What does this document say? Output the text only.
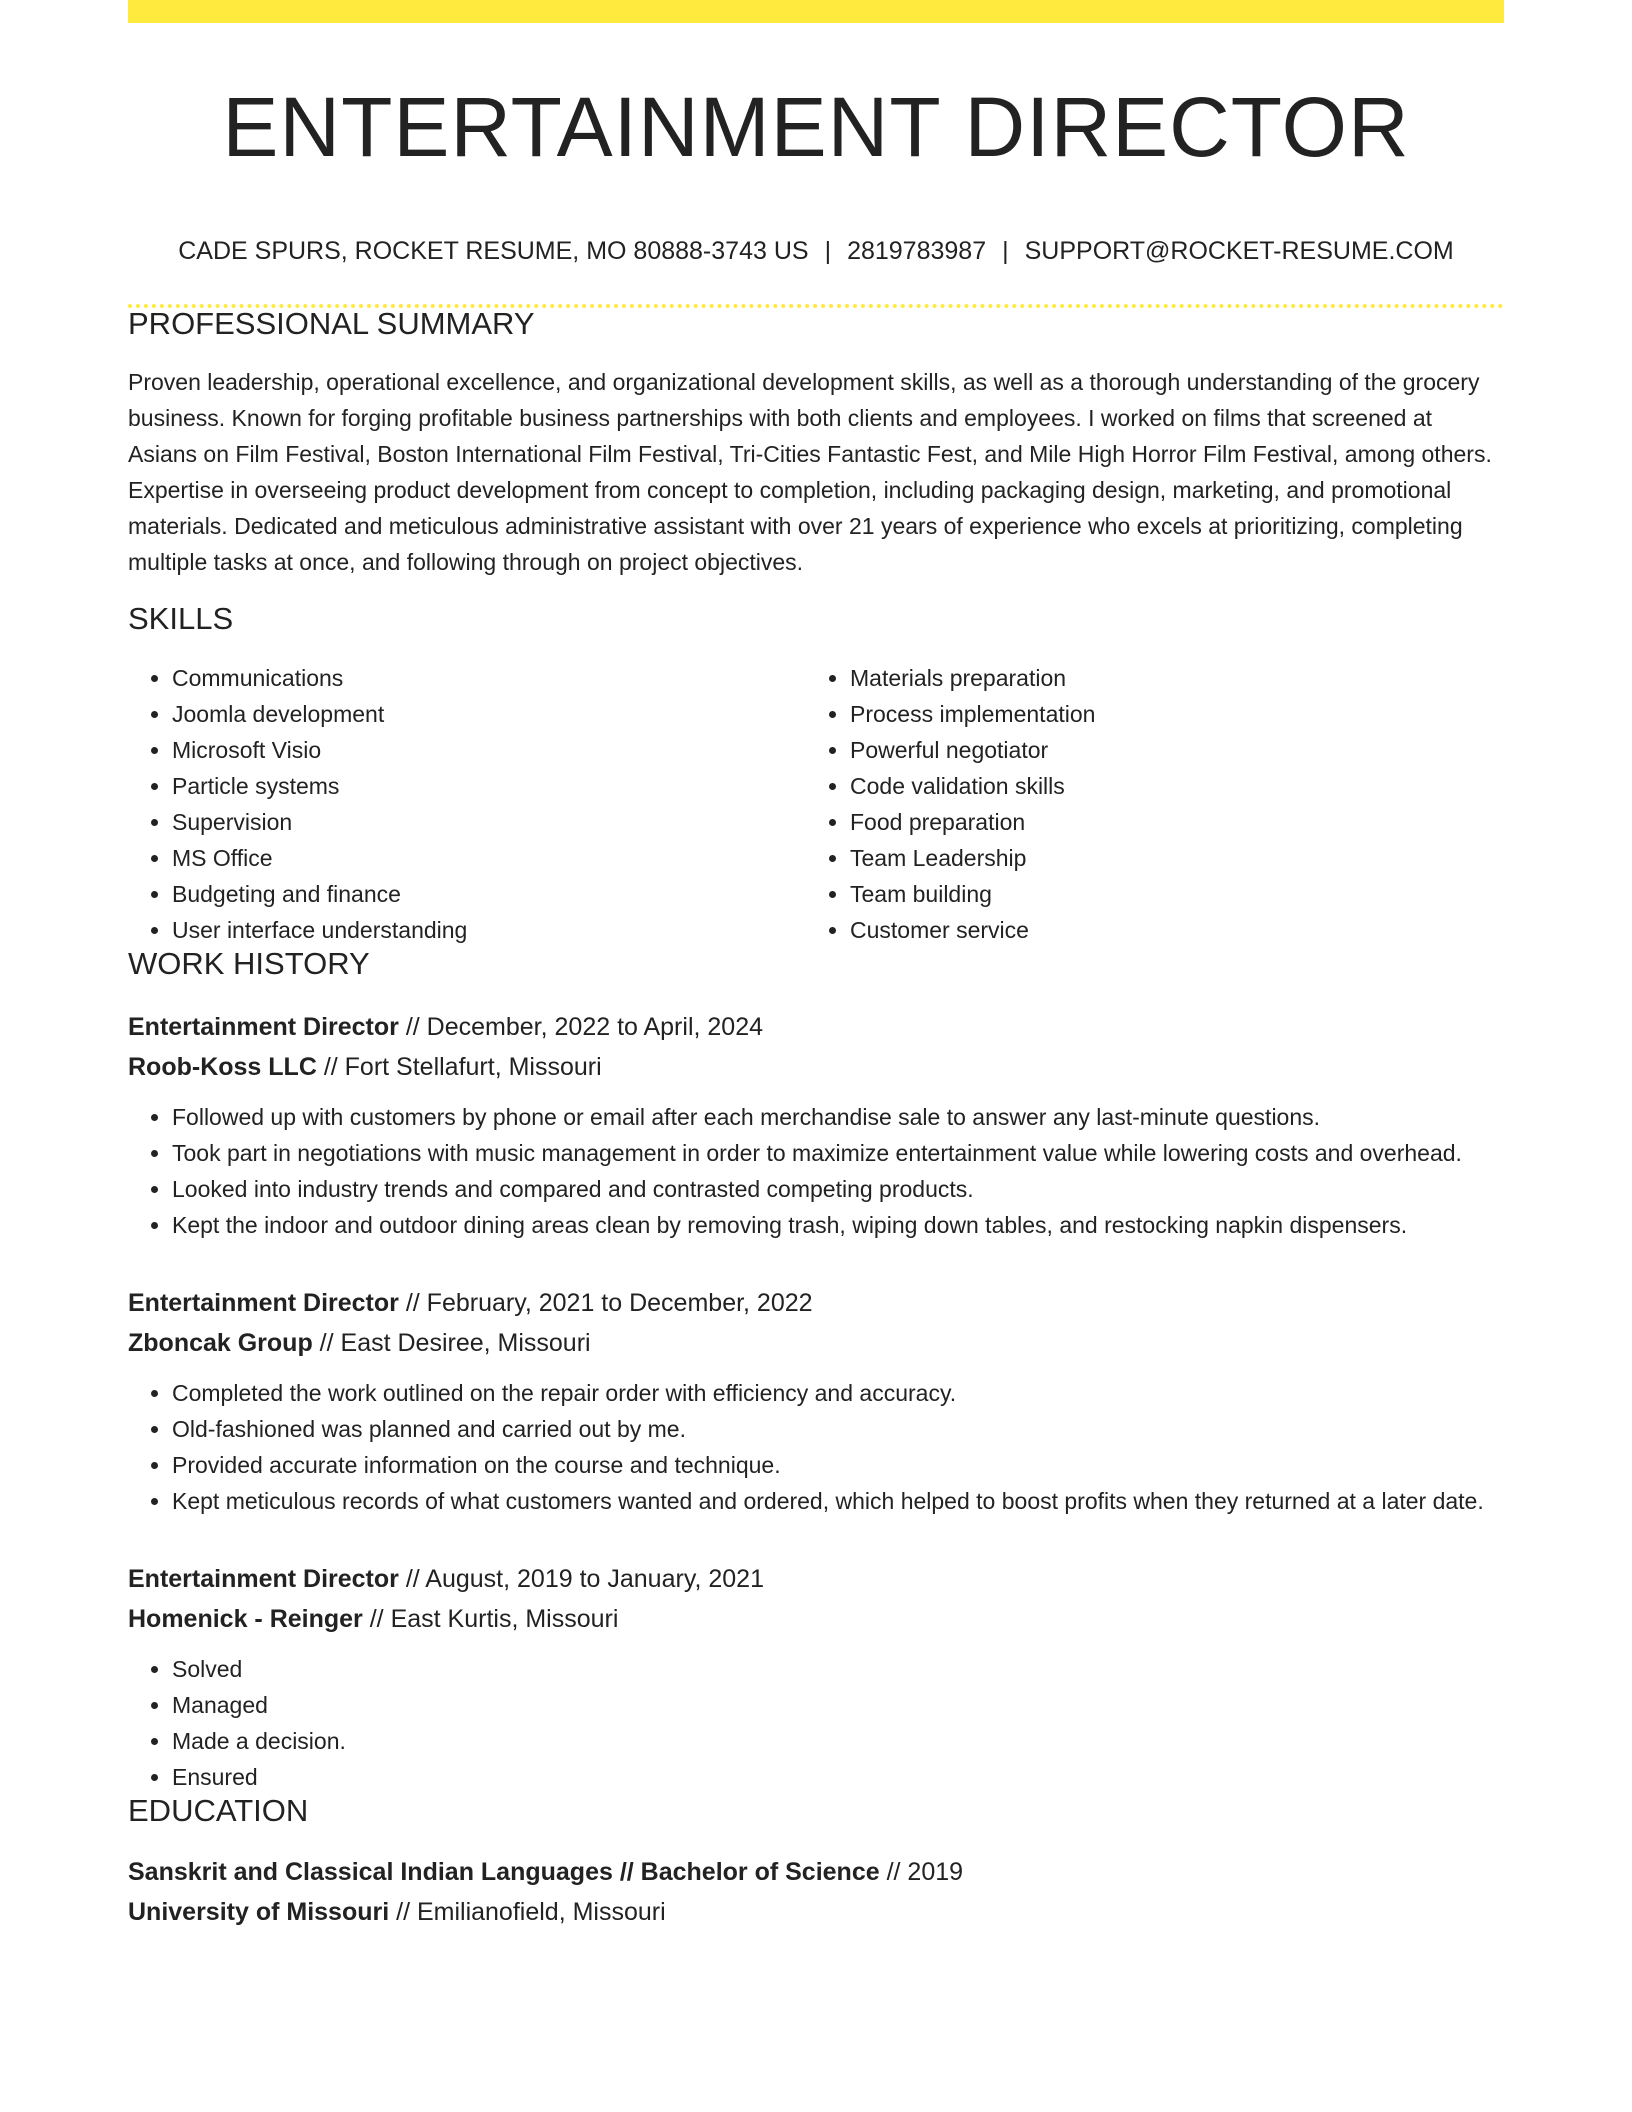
ENTERTAINMENT DIRECTOR
CADE SPURS, ROCKET RESUME, MO 80888-3743 US | 2819783987 | SUPPORT@ROCKET-RESUME.COM
PROFESSIONAL SUMMARY

Proven leadership, operational excellence, and organizational development skills, as well as a thorough understanding of the grocery business. Known for forging profitable business partnerships with both clients and employees. I worked on films that screened at Asians on Film Festival, Boston International Film Festival, Tri-Cities Fantastic Fest, and Mile High Horror Film Festival, among others. Expertise in overseeing product development from concept to completion, including packaging design, marketing, and promotional materials. Dedicated and meticulous administrative assistant with over 21 years of experience who excels at prioritizing, completing multiple tasks at once, and following through on project objectives.

SKILLS
• Communications
• Joomla development
• Microsoft Visio
• Particle systems
• Supervision
• MS Office
• Budgeting and finance
• User interface understanding
• Materials preparation
• Process implementation
• Powerful negotiator
• Code validation skills
• Food preparation
• Team Leadership
• Team building
• Customer service
WORK HISTORY
Entertainment Director // December, 2022 to April, 2024
Roob-Koss LLC // Fort Stellafurt, Missouri
• Followed up with customers by phone or email after each merchandise sale to answer any last-minute questions.
• Took part in negotiations with music management in order to maximize entertainment value while lowering costs and overhead.
• Looked into industry trends and compared and contrasted competing products.
• Kept the indoor and outdoor dining areas clean by removing trash, wiping down tables, and restocking napkin dispensers.
Entertainment Director // February, 2021 to December, 2022
Zboncak Group // East Desiree, Missouri
• Completed the work outlined on the repair order with efficiency and accuracy.
• Old-fashioned was planned and carried out by me.
• Provided accurate information on the course and technique.
• Kept meticulous records of what customers wanted and ordered, which helped to boost profits when they returned at a later date.
Entertainment Director // August, 2019 to January, 2021
Homenick - Reinger // East Kurtis, Missouri
• Solved
• Managed
• Made a decision.
• Ensured
EDUCATION
Sanskrit and Classical Indian Languages // Bachelor of Science // 2019
University of Missouri // Emilianofield, Missouri
